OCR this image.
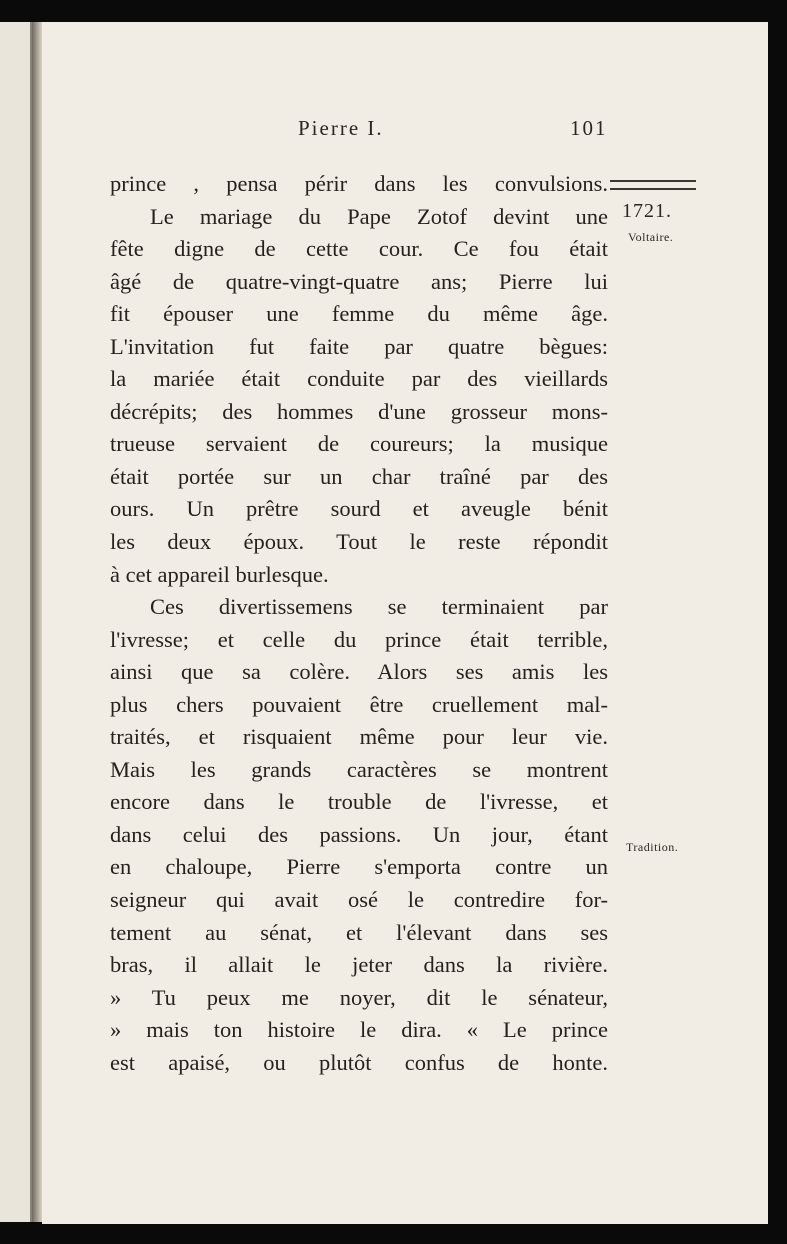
Pierre I.	101
prince , pensa périr dans les convulsions.
Le mariage du Pape Zotof devint une
fête digne de cette cour. Ce fou était
âgé de quatre-vingt-quatre ans; Pierre lui
fit épouser une femme du même âge.
L'invitation fut faite par quatre bègues:
la mariée était conduite par des vieillards
décrépits; des hommes d'une grosseur mons-
trueuse servaient de coureurs; la musique
était portée sur un char traîné par des
ours. Un prêtre sourd et aveugle bénit
les deux époux. Tout le reste répondit
à cet appareil burlesque.
Ces divertissemens se terminaient par
l'ivresse; et celle du prince était terrible,
ainsi que sa colère. Alors ses amis les
plus chers pouvaient être cruellement mal-
traités, et risquaient même pour leur vie.
Mais les grands caractères se montrent
encore dans le trouble de l'ivresse, et
dans celui des passions. Un jour, étant
en chaloupe, Pierre s'emporta contre un
seigneur qui avait osé le contredire for-
tement au sénat, et l'élevant dans ses
bras, il allait le jeter dans la rivière.
» Tu peux me noyer, dit le sénateur,
» mais ton histoire le dira. « Le prince
est apaisé, ou plutôt confus de honte.
1721.
Voltaire.
Tradition.
